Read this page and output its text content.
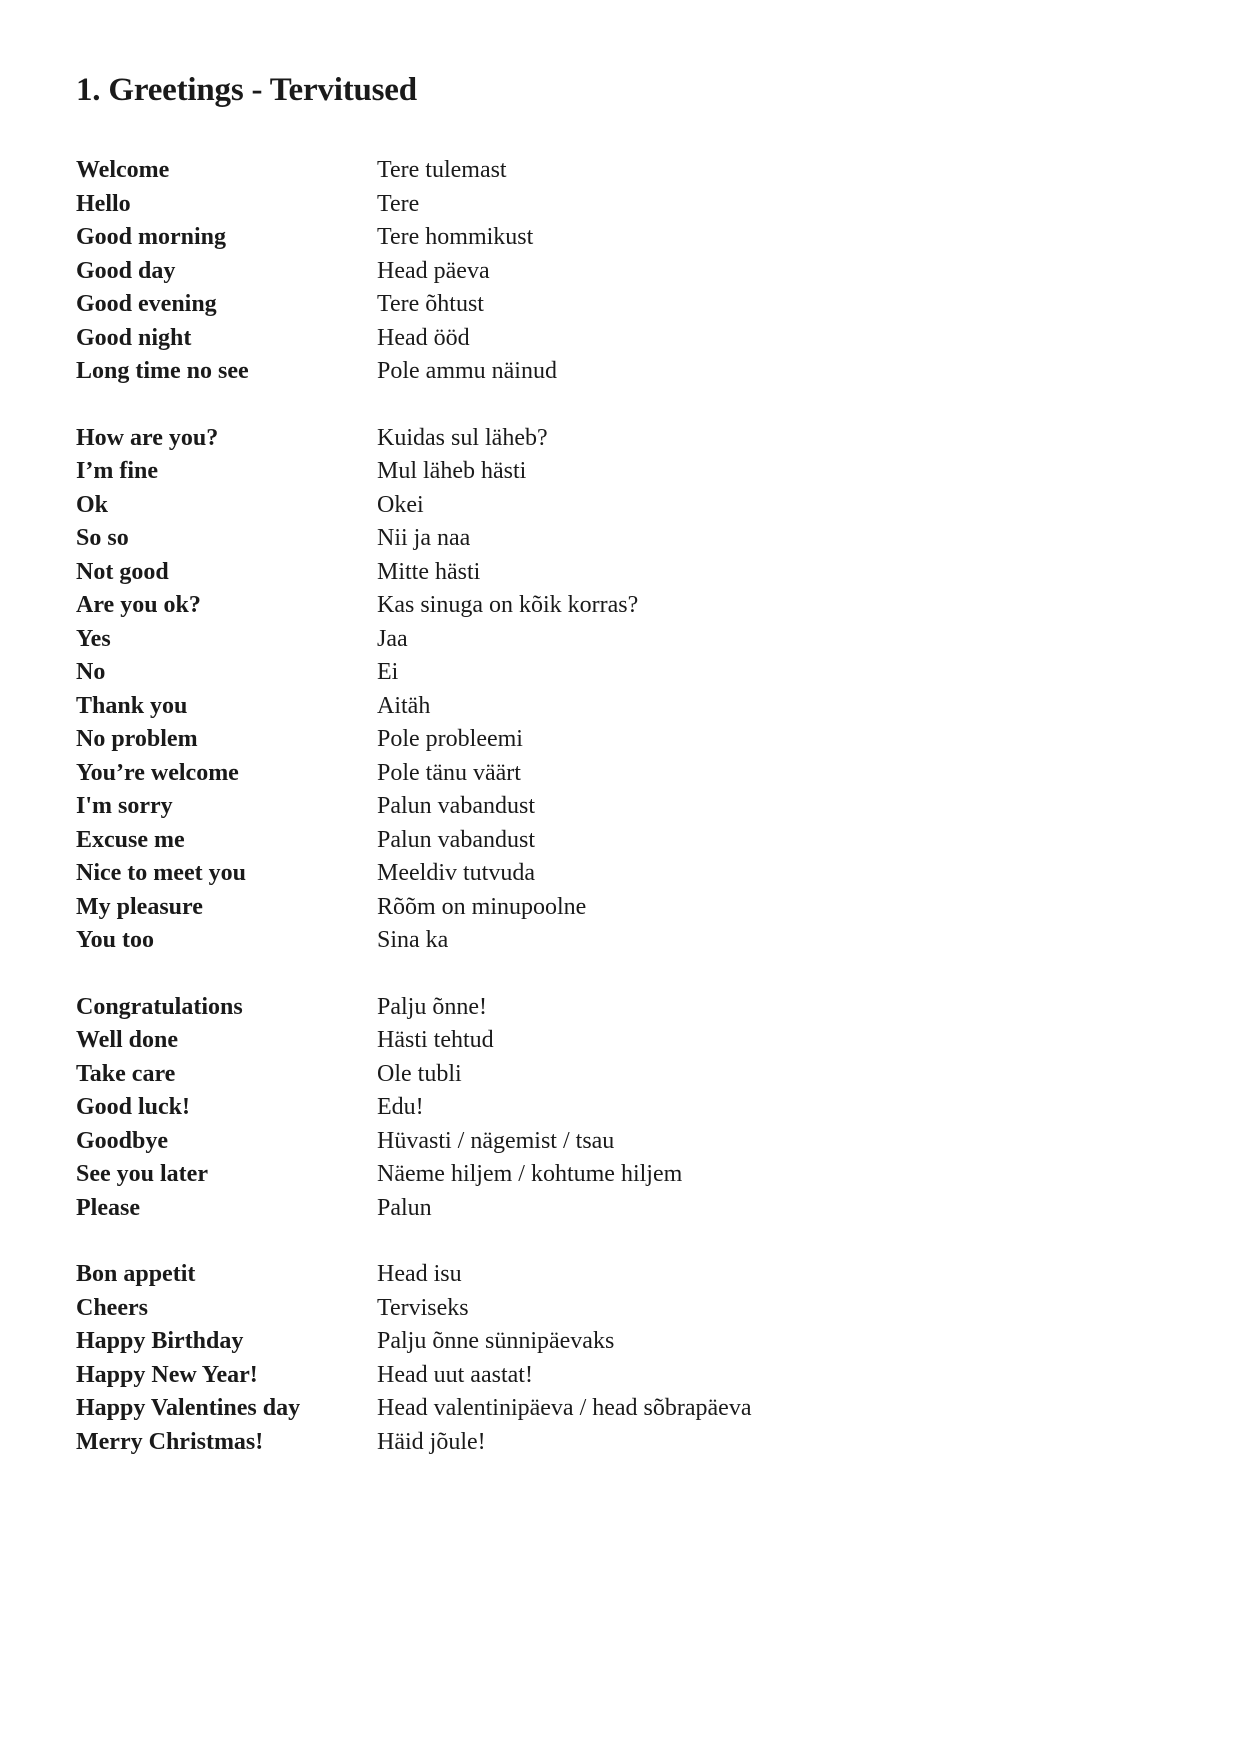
1. Greetings - Tervitused
Welcome	Tere tulemast
Hello	Tere
Good morning	Tere hommikust
Good day	Head päeva
Good evening	Tere õhtust
Good night	Head ööd
Long time no see	Pole ammu näinud
How are you?	Kuidas sul läheb?
I’m fine	Mul läheb hästi
Ok	Okei
So so	Nii ja naa
Not good	Mitte hästi
Are you ok?	Kas sinuga on kõik korras?
Yes	Jaa
No	Ei
Thank you	Aitäh
No problem	Pole probleemi
You’re welcome	Pole tänu väärt
I'm sorry	Palun vabandust
Excuse me	Palun vabandust
Nice to meet you	Meeldiv tutvuda
My pleasure	Rõõm on minupoolne
You too	Sina ka
Congratulations	Palju õnne!
Well done	Hästi tehtud
Take care	Ole tubli
Good luck!	Edu!
Goodbye	Hüvasti / nägemist / tsau
See you later	Näeme hiljem / kohtume hiljem
Please	Palun
Bon appetit	Head isu
Cheers	Terviseks
Happy Birthday	Palju õnne sünnipäevaks
Happy New Year!	Head uut aastat!
Happy Valentines day	Head valentinipäeva / head sõbrapäeva
Merry Christmas!	Häid jõule!
